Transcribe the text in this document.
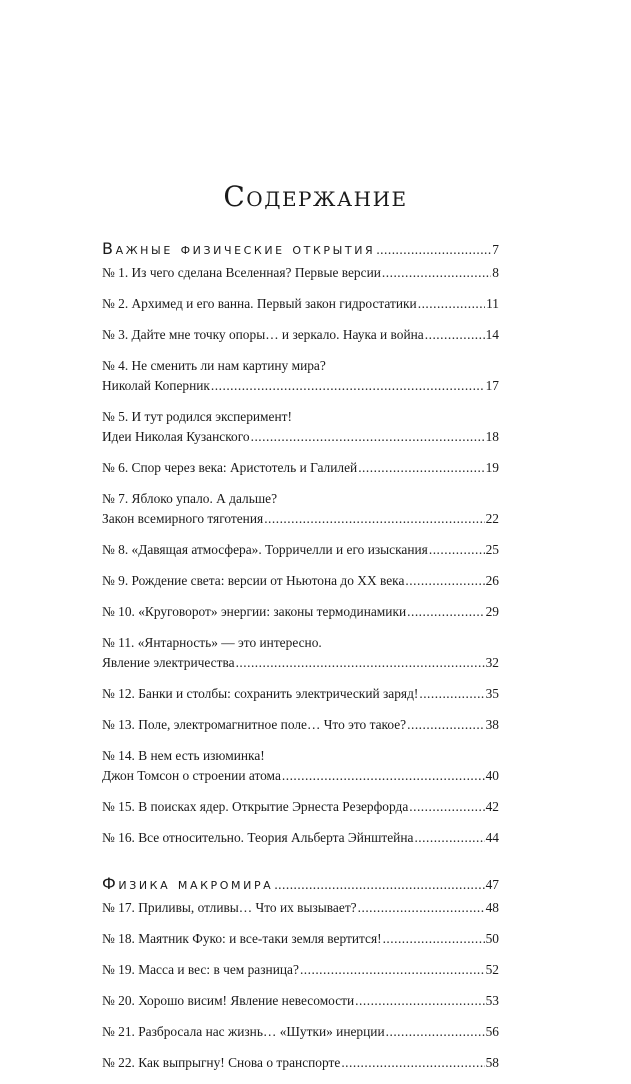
Содержание
Важные физические открытия .....	7
№ 1. Из чего сделана Вселенная? Первые версии .....	8
№ 2. Архимед и его ванна. Первый закон гидростатики .....	11
№ 3. Дайте мне точку опоры… и зеркало. Наука и война .....	14
№ 4. Не сменить ли нам картину мира?
Николай Коперник .....	17
№ 5. И тут родился эксперимент!
Идеи Николая Кузанского .....	18
№ 6. Спор через века: Аристотель и Галилей .....	19
№ 7. Яблоко упало. А дальше?
Закон всемирного тяготения .....	22
№ 8. «Давящая атмосфера». Торричелли и его изыскания .....	25
№ 9. Рождение света: версии от Ньютона до ХХ века .....	26
№ 10. «Круговорот» энергии: законы термодинамики .....	29
№ 11. «Янтарность» — это интересно.
Явление электричества .....	32
№ 12. Банки и столбы: сохранить электрический заряд! .....	35
№ 13. Поле, электромагнитное поле… Что это такое? .....	38
№ 14. В нем есть изюминка!
Джон Томсон о строении атома .....	40
№ 15. В поисках ядер. Открытие Эрнеста Резерфорда .....	42
№ 16. Все относительно. Теория Альберта Эйнштейна .....	44
Физика макромира .....	47
№ 17. Приливы, отливы… Что их вызывает? .....	48
№ 18. Маятник Фуко: и все-таки земля вертится! .....	50
№ 19. Масса и вес: в чем разница? .....	52
№ 20. Хорошо висим! Явление невесомости .....	53
№ 21. Разбросала нас жизнь… «Шутки» инерции .....	56
№ 22. Как выпрыгну! Снова о транспорте .....	58
